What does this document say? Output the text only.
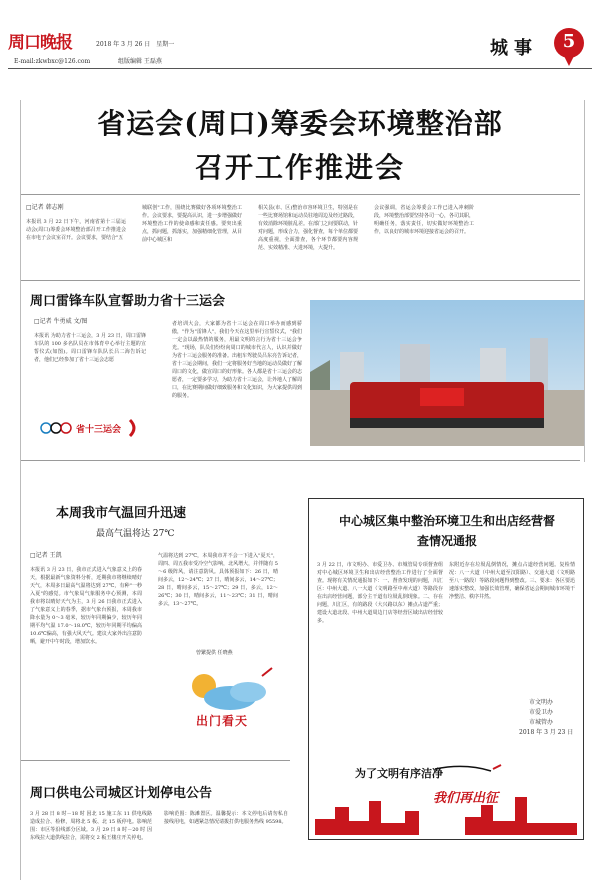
周口晚报	2018 年 3 月 26 日 星期一
E-mail:zkwbxc@126.com	组版编辑 王磊燕
城事	5
省运会(周口)筹委会环境整治部
召开工作推进会
□记者 韩志刚
本报讯 3 月 22 日下午，河南省第十三届运动会(周口)筹委会环境整治部召开工作推进会在市电子会议室召开。会议要求，要结合"五
城联创"工作，围绕比赛做好各项环境整治工作。会议要求，要提高认识，进一步增强做好环境整治工作的使命感和责任感。要突出重点，抓问题，抓落实，加强精细化管理，从目前中心城区和
相关县(市、区)整治市容环境卫生，特别是在一些比赛场馆和运动员驻地周边及经过路段，有效消除环境脏乱差。在部门之间要联动，针对问题，形成合力，强化督查，每个单位都要高度重视，全面排查，各个环节都要内容规范、实效精准、大进环境，大提升。
会议强调，省运会筹委会工作已进入冲刺阶段，环境整治部要坚持各司一心，各司其职，明确任务，落实责任，切实做好环境整治工作，以良好的城市环境迎接省运会的召开。
周口雷锋车队宣誓助力省十三运会
□记者 牛勇威 文/图
本报讯 为助力省十三运会，3 月 23 日，周口雷锋车队的 100 多名队员在市体育中心举行主题的宣誓仪式(如图)。周口雷锋车队队长吕二海告诉记者，他们已经参加了省十三运会志愿
者培训大会，大家都为省十三运会在周口举办而感到骄傲，"作为"雷锋人"，我们今天在这里举行宣誓仪式，"我们一定会以最热情的服务，用最文明的言行为省十三运会争光。"现场，队员们纷纷向周口的城市代言人，认识并做好为省十三运会服务的准备。出租车驾驶员吕东亮告诉记者，省十三运会期间，我们一定将服务好当地的运动员做好了解周口的文化，做宣周口的好形象。各人都是省十三运会的志愿者，一定要多学习，为助力省十三运会，让外地人了解周口，在比赛期间做好细致服务和文化知识，为大家提供周到的服务。
省十三运会
本周我市气温回升迅速
最高气温将达 27℃
□记者 王凯
本报讯 3 月 23 日，我市正式进入气象意义上的春天，根据最新气象资料分析，近期我市将继续晴好天气，本周多日最高气温将达到 27℃，有种"一秒入夏"的感觉。市气象局气象服务中心预测，本周我市将以晴好天气为主，3 月 26 日我市正式进入了气象意义上的春季，据市气象台预报，本周我市降水量为 0～3 毫米，较历年同期偏少，较历年同期平均气温 17.0～18.0℃，较历年同期平均偏高 10.6℃偏高，有强大风天气。建议大家外出注意防晒，避开中午时段，增加饮水。
气温将达到 27℃，本周我市并不会一下进入"夏天"，周四、周五我市受冷空气影响，北风增大，并伴随有 5～6 级阵风，请注意防风。具体预报如下：26 日，晴间多云，12～24℃；27 日，晴间多云，14～27℃；28 日，晴间多云，15～27℃；29 日，多云，12～26℃；30 日，晴间多云，11～23℃；31 日，晴间多云，13～27℃。
曾繁提供 任晓燕
出门看天
中心城区集中整治环境卫生和出店经营督查情况通报
3 月 22 日，市文明办、市爱卫办、市城管局专项督查组对中心城区环境卫生和出店经营整治工作进行了全面督查。现将有关情况通报如下：一、督查发现的问题，川汇区：中州大道、八一大道（文明路至中州大道）等路段存在出店经营问题，部分主干道有垃圾乱倒现象。二、存在问题，川汇区，有的路段（大兴路以东）摊点占道严重；建设大道北段、中州大道周边门店等经营区域出店经营较多。
东附近存在垃圾乱倒情况，摊点占道经营问题。复检情况：八一大道（中州大道至汉阳路）、交通大道（文明路至八一路段）等路段问题得到整改。三、要求：各区要迅速落实整改，加强长效管理，确保省运会期间城市环境干净整洁、秩序井然。
市文明办
市爱卫办
市城管办
2018 年 3 月 23 日
为了文明有序洁净
我们再出征
周口供电公司城区计划停电公告
3 月 28 日 8 时－18 时 因北 15 施工东 11 供电线路造成拉合、检修，周将北 5 板、北 15 板停电。影响范围：市区等沿线部分区域。3 月 29 日 8 时－20 时 因东线拉大道供线拉合，需将交 2 板王楼庄开关停电。
影响范围：陈滩置区。温馨提示：本文停电后请勿私自接线用电，如遇紧急情况请拨打供电服务热线 95598。
